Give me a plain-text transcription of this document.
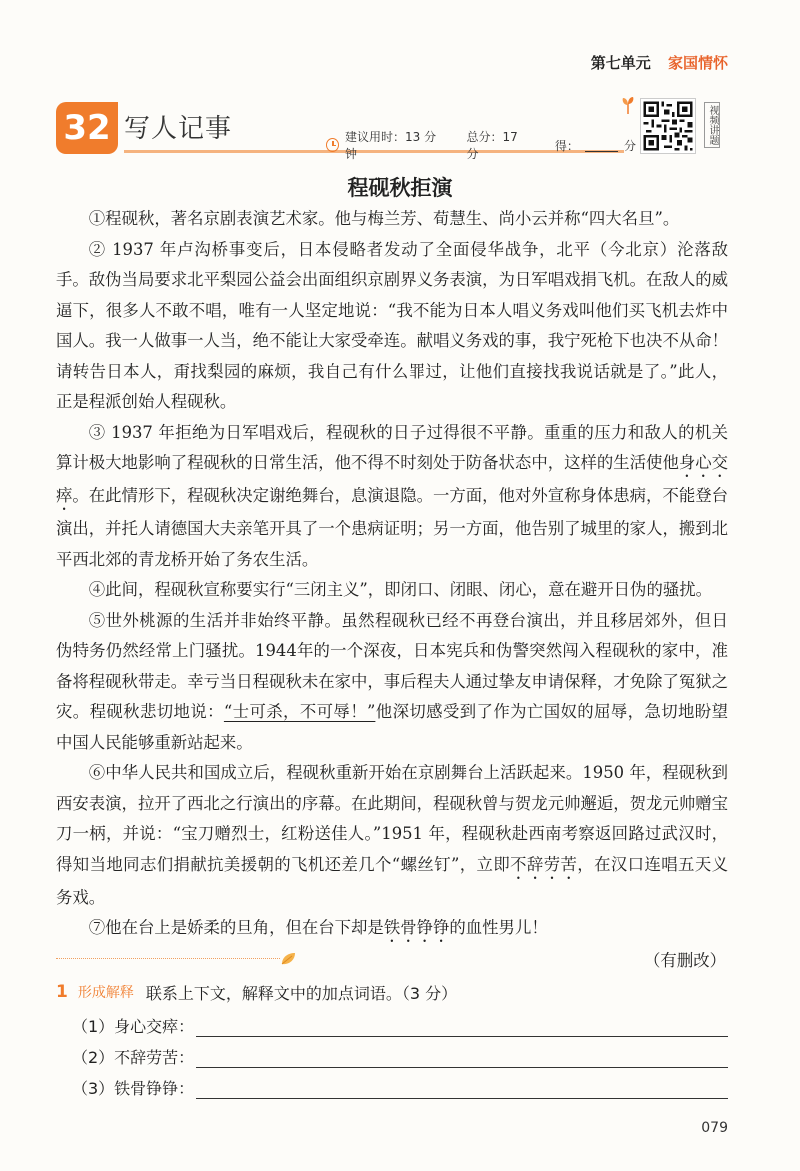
第七单元 家国情怀
32 写人记事	建议用时：13 分钟
总分：17 分
得：	分
视频讲题
程砚秋拒演

①程砚秋，著名京剧表演艺术家。他与梅兰芳、荀慧生、尚小云并称“四大名旦”。

② 1937 年卢沟桥事变后，日本侵略者发动了全面侵华战争，北平（今北京）沦落敌手。敌伪当局要求北平梨园公益会出面组织京剧界义务表演，为日军唱戏捐飞机。在敌人的威逼下，很多人不敢不唱，唯有一人坚定地说：“我不能为日本人唱义务戏叫他们买飞机去炸中国人。我一人做事一人当，绝不能让大家受牵连。献唱义务戏的事，我宁死枪下也决不从命！请转告日本人，甭找梨园的麻烦，我自己有什么罪过，让他们直接找我说话就是了。”此人，正是程派创始人程砚秋。

③ 1937 年拒绝为日军唱戏后，程砚秋的日子过得很不平静。重重的压力和敌人的机关算计极大地影响了程砚秋的日常生活，他不得不时刻处于防备状态中，这样的生活使他身心交瘁。在此情形下，程砚秋决定谢绝舞台，息演退隐。一方面，他对外宣称身体患病，不能登台演出，并托人请德国大夫亲笔开具了一个患病证明；另一方面，他告别了城里的家人，搬到北平西北郊的青龙桥开始了务农生活。

④此间，程砚秋宣称要实行“三闭主义”，即闭口、闭眼、闭心，意在避开日伪的骚扰。

⑤世外桃源的生活并非始终平静。虽然程砚秋已经不再登台演出，并且移居郊外，但日伪特务仍然经常上门骚扰。1944年的一个深夜，日本宪兵和伪警突然闯入程砚秋的家中，准备将程砚秋带走。幸亏当日程砚秋未在家中，事后程夫人通过挚友申请保释，才免除了冤狱之灾。程砚秋悲切地说：“士可杀，不可辱！”他深切感受到了作为亡国奴的屈辱，急切地盼望中国人民能够重新站起来。

⑥中华人民共和国成立后，程砚秋重新开始在京剧舞台上活跃起来。1950 年，程砚秋到西安表演，拉开了西北之行演出的序幕。在此期间，程砚秋曾与贺龙元帅邂逅，贺龙元帅赠宝刀一柄，并说：“宝刀赠烈士，红粉送佳人。”1951 年，程砚秋赴西南考察返回路过武汉时，得知当地同志们捐献抗美援朝的飞机还差几个“螺丝钉”，立即不辞劳苦，在汉口连唱五天义务戏。

⑦他在台上是娇柔的旦角，但在台下却是铁骨铮铮的血性男儿！

（有删改）

1 形成解释 联系上下文，解释文中的加点词语。（3 分）
（1）身心交瘁：
（2）不辞劳苦：
（3）铁骨铮铮：
079
